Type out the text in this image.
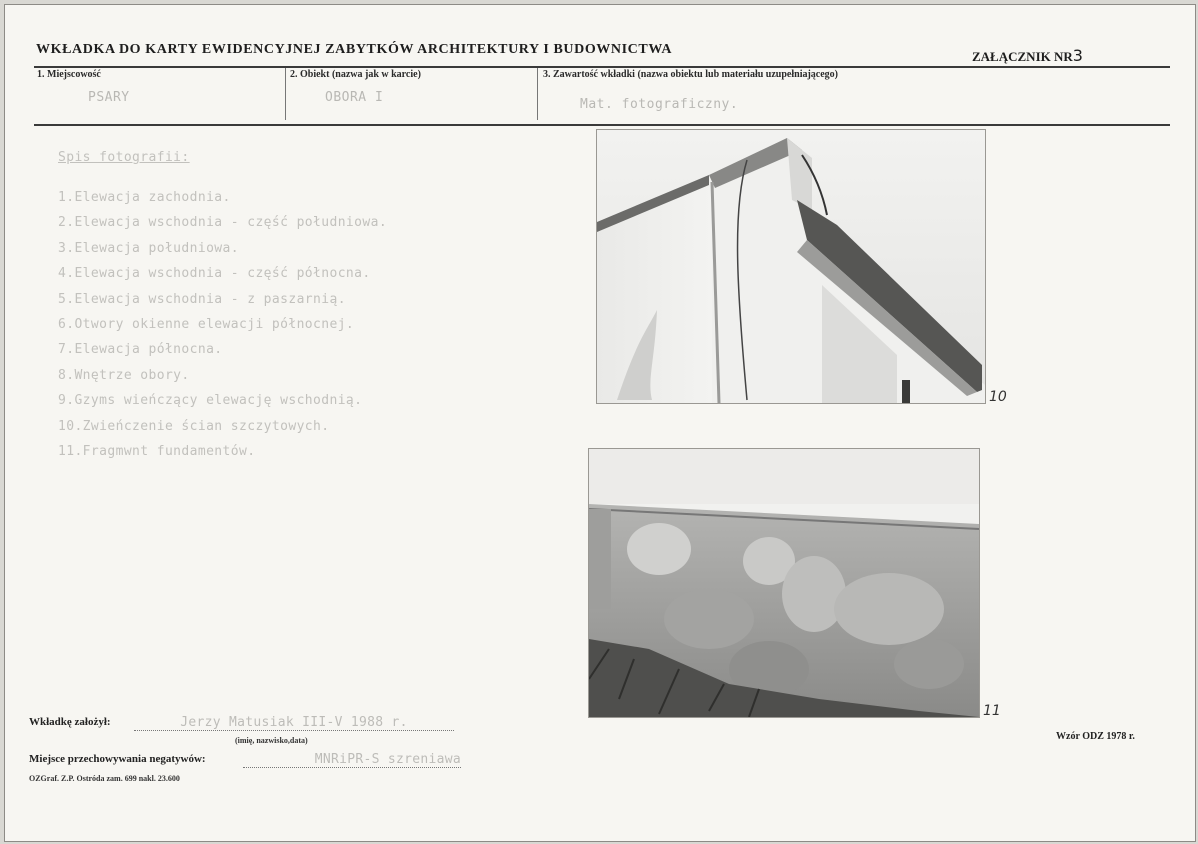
WKŁADKA DO KARTY EWIDENCYJNEJ ZABYTKÓW ARCHITEKTURY I BUDOWNICTWA	ZAŁĄCZNIK NR3
1. Miejscowość
PSARY
2. Obiekt (nazwa jak w karcie)
OBORA I
3. Zawartość wkładki (nazwa obiektu lub materiału uzupełniającego)
Mat. fotograficzny.
Spis fotografii:
1.Elewacja zachodnia.
2.Elewacja wschodnia - część południowa.
3.Elewacja południowa.
4.Elewacja wschodnia - część północna.
5.Elewacja wschodnia - z paszarnią.
6.Otwory okienne elewacji północnej.
7.Elewacja północna.
8.Wnętrze obory.
9.Gzyms wieńczący elewację wschodnią.
10.Zwieńczenie ścian szczytowych.
11.Fragmwnt fundamentów.
10
11
Wkładkę założył:	Jerzy Matusiak III-V 1988 r.
(imię, nazwisko,data)
Miejsce przechowywania negatywów:	MNRiPR-S szreniawa
OZGraf. Z.P. Ostróda zam. 699 nakl. 23.600
Wzór ODZ 1978 r.
